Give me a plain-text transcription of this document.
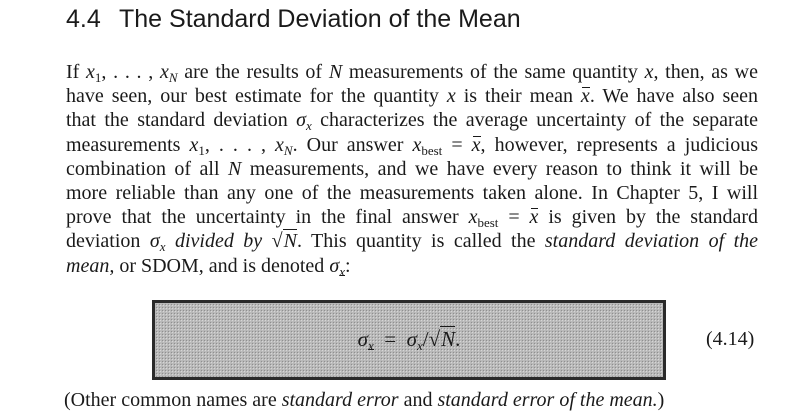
4.4 The Standard Deviation of the Mean
If $x_1$, . . . , $x_N$ are the results of N measurements of the same quantity x, then, as we
have seen, our best estimate for the quantity x is their mean x. We have also seen
that the standard deviation $\sigma_x$ characterizes the average uncertainty of the separate
measurements $x_1$, . . . , $x_N$. Our answer $x_{best} = x$, however, represents a judicious
combination of all N measurements, and we have every reason to think it will be
more reliable than any one of the measurements taken alone. In Chapter 5, I will
prove that the uncertainty in the final answer $x_{best} = x$ is given by the standard
deviation $\sigma_x$ divided by √N. This quantity is called the standard deviation of the
mean, or SDOM, and is denoted $\sigma_x$:
$\sigma_x = \sigma_x/√N$.	(4.14)

(Other common names are standard error and standard error of the mean.)
